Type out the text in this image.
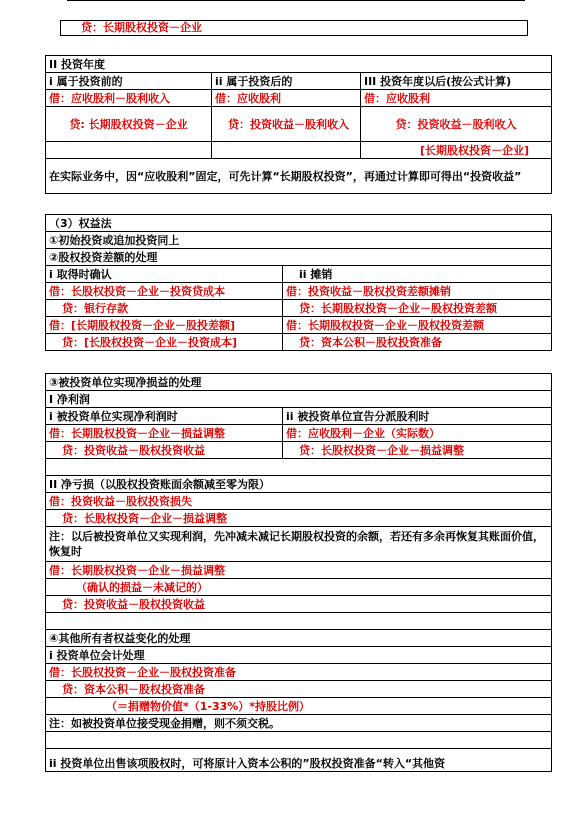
贷：长期股权投资－企业
II 投资年度		
i 属于投资前的	ii 属于投资后的	III 投资年度以后(按公式计算)
借：应收股利－股利收入	借：应收股利	借：应收股利
贷: 长期股权投资－企业	贷：投资收益－股利收入	贷：投资收益－股利收入
		[长期股权投资－企业]
在实际业务中，因“应收股利”固定，可先计算“长期股权投资”，再通过计算即可得出“投资收益”		
（3）权益法	
①初始投资或追加投资同上	
②股权投资差额的处理	
i 取得时确认	ii 摊销
借：长股权投资－企业－投资贷成本	借：投资收益－股权投资差额摊销
贷：银行存款	贷：长期股权投资－企业－股权投资差额
借：[长期股权投资－企业－股投差额]	借：长期股权投资－企业－股权投资差额
贷：[长股权投资－企业－投资成本]	贷：资本公积－股权投资准备
③被投资单位实现净损益的处理	
I 净利润	
i 被投资单位实现净利润时	ii 被投资单位宣告分派股利时
借：长期股权投资－企业－损益调整	借：应收股利－企业（实际数）
贷：投资收益－股权投资收益	贷：长股权投资－企业－损益调整

II 净亏损（以股权投资账面余额减至零为限）	
借：投资收益－股权投资损失	
贷：长股权投资－企业－损益调整	
注：以后被投资单位又实现利润，先冲减未减记长期股权投资的余额，若还有多余再恢复其账面价值，恢复时	
借：长期股权投资－企业－损益调整	
（确认的损益－未减记的）	
贷：投资收益－股权投资收益	

④其他所有者权益变化的处理	
i 投资单位会计处理	
借：长股权投资－企业－股权投资准备	
贷：资本公积－股权投资准备	
（＝捐赠物价值*（1-33%）*持股比例）	
注：如被投资单位接受现金捐赠，则不须交税。	

ii 投资单位出售该项股权时，可将原计入资本公积的”股权投资准备“转入“其他资	
